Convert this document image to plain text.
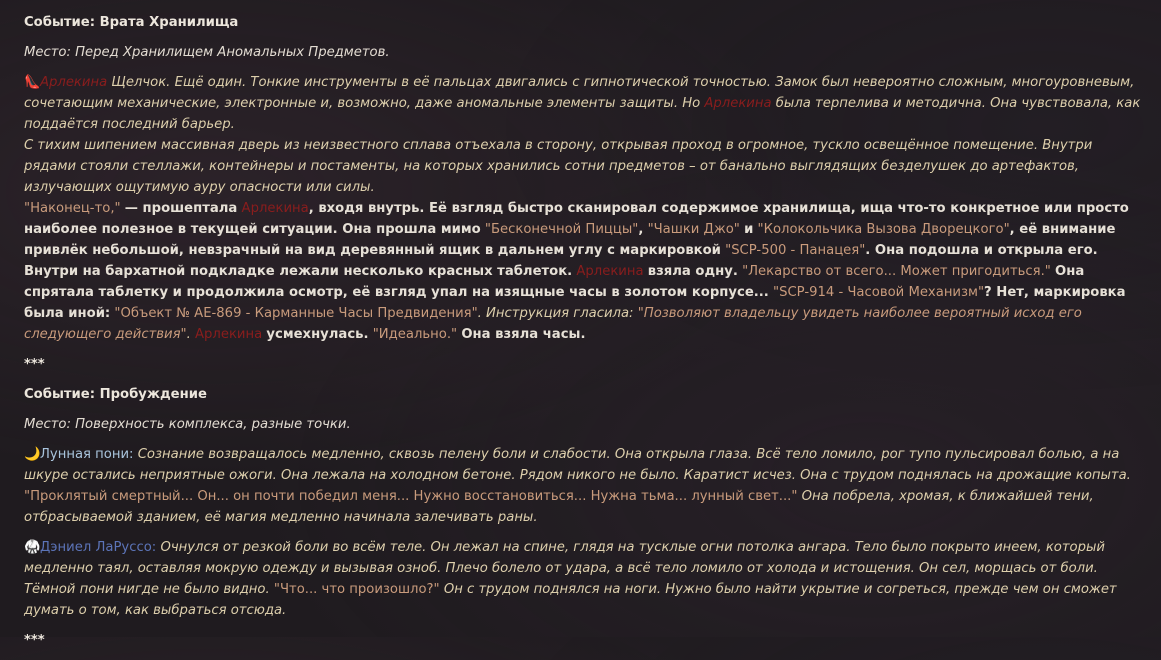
Событие: Врата Хранилища
Место: Перед Хранилищем Аномальных Предметов.
👠Арлекина Щелчок. Ещё один. Тонкие инструменты в её пальцах двигались с гипнотической точностью. Замок был невероятно сложным, многоуровневым, сочетающим механические, электронные и, возможно, даже аномальные элементы защиты. Но Арлекина была терпелива и методична. Она чувствовала, как поддаётся последний барьер.
С тихим шипением массивная дверь из неизвестного сплава отъехала в сторону, открывая проход в огромное, тускло освещённое помещение. Внутри рядами стояли стеллажи, контейнеры и постаменты, на которых хранились сотни предметов – от банально выглядящих безделушек до артефактов, излучающих ощутимую ауру опасности или силы.
"Наконец-то," — прошептала Арлекина, входя внутрь. Её взгляд быстро сканировал содержимое хранилища, ища что-то конкретное или просто наиболее полезное в текущей ситуации. Она прошла мимо "Бесконечной Пиццы", "Чашки Джо" и "Колокольчика Вызова Дворецкого", её внимание привлёк небольшой, невзрачный на вид деревянный ящик в дальнем углу с маркировкой "SCP-500 - Панацея". Она подошла и открыла его. Внутри на бархатной подкладке лежали несколько красных таблеток. Арлекина взяла одну. "Лекарство от всего... Может пригодиться." Она спрятала таблетку и продолжила осмотр, её взгляд упал на изящные часы в золотом корпусе... "SCP-914 - Часовой Механизм"? Нет, маркировка была иной: "Объект № AE-869 - Карманные Часы Предвидения". Инструкция гласила: "Позволяют владельцу увидеть наиболее вероятный исход его следующего действия". Арлекина усмехнулась. "Идеально." Она взяла часы.
***
Событие: Пробуждение
Место: Поверхность комплекса, разные точки.
🌙Лунная пони: Сознание возвращалось медленно, сквозь пелену боли и слабости. Она открыла глаза. Всё тело ломило, рог тупо пульсировал болью, а на шкуре остались неприятные ожоги. Она лежала на холодном бетоне. Рядом никого не было. Каратист исчез. Она с трудом поднялась на дрожащие копыта. "Проклятый смертный... Он... он почти победил меня... Нужно восстановиться... Нужна тьма... лунный свет..." Она побрела, хромая, к ближайшей тени, отбрасываемой зданием, её магия медленно начинала залечивать раны.
🥋Дэниел ЛаРуссо: Очнулся от резкой боли во всём теле. Он лежал на спине, глядя на тусклые огни потолка ангара. Тело было покрыто инеем, который медленно таял, оставляя мокрую одежду и вызывая озноб. Плечо болело от удара, а всё тело ломило от холода и истощения. Он сел, морщась от боли. Тёмной пони нигде не было видно. "Что... что произошло?" Он с трудом поднялся на ноги. Нужно было найти укрытие и согреться, прежде чем он сможет думать о том, как выбраться отсюда.
***
